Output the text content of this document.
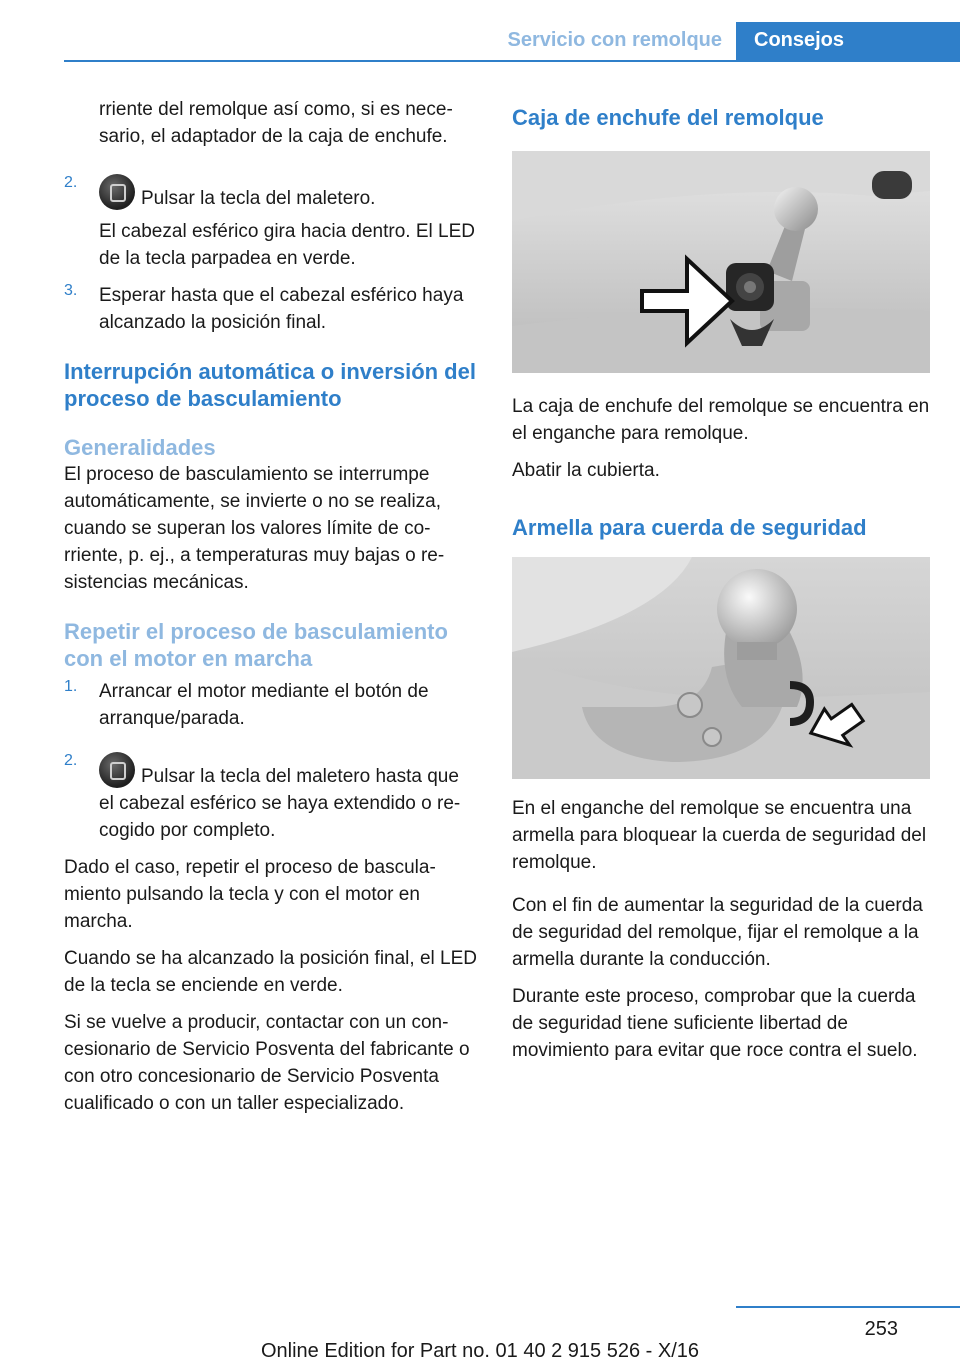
Servicio con remolque	Consejos

rriente del remolque así como, si es necesario, el adaptador de la caja de enchufe.

2.

Pulsar la tecla del maletero.

El cabezal esférico gira hacia dentro. El LED de la tecla parpadea en verde.

3. Esperar hasta que el cabezal esférico haya alcanzado la posición final.

Interrupción automática o inversión del proceso de basculamiento
Generalidades

El proceso de basculamiento se interrumpe automáticamente, se invierte o no se realiza, cuando se superan los valores límite de corriente, p. ej., a temperaturas muy bajas o resistencias mecánicas.

Repetir el proceso de basculamiento con el motor en marcha
1. Arrancar el motor mediante el botón de arranque/parada.

2.

Pulsar la tecla del maletero hasta que el cabezal esférico se haya extendido o recogido por completo.

Dado el caso, repetir el proceso de basculamiento pulsando la tecla y con el motor en marcha.

Cuando se ha alcanzado la posición final, el LED de la tecla se enciende en verde.

Si se vuelve a producir, contactar con un concesionario de Servicio Posventa del fabricante o con otro concesionario de Servicio Posventa cualificado o con un taller especializado.

Caja de enchufe del remolque

La caja de enchufe del remolque se encuentra en el enganche para remolque.

Abatir la cubierta.

Armella para cuerda de seguridad

En el enganche del remolque se encuentra una armella para bloquear la cuerda de seguridad del remolque.

Con el fin de aumentar la seguridad de la cuerda de seguridad del remolque, fijar el remolque a la armella durante la conducción.

Durante este proceso, comprobar que la cuerda de seguridad tiene suficiente libertad de movimiento para evitar que roce contra el suelo.

253
Online Edition for Part no. 01 40 2 915 526 - X/16
